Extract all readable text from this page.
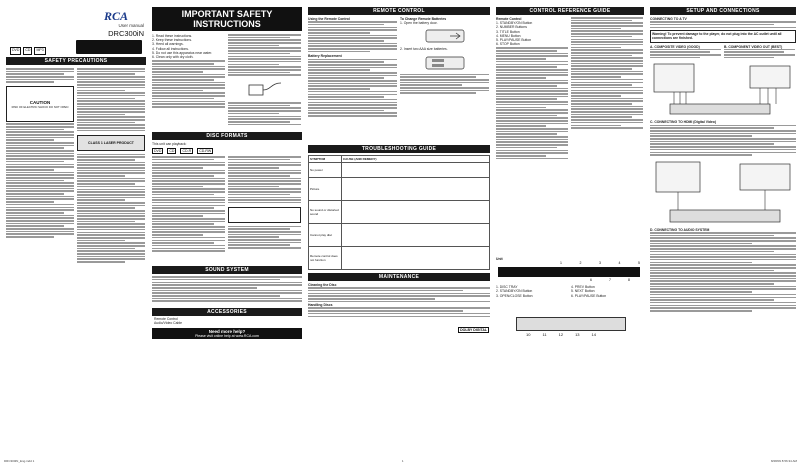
RCA
User manual
DRC300iN
DVD	CD	MP3
SAFETY PRECAUTIONS
CAUTION
RISK OF ELECTRIC SHOCK DO NOT OPEN
CLASS 1 LASER PRODUCT
IMPORTANT SAFETY
INSTRUCTIONS
1. Read these instructions.
2. Keep these instructions.
3. Heed all warnings.
4. Follow all instructions.
5. Do not use this apparatus near water.
6. Clean only with dry cloth.
DISC FORMATS
This unit can playback:
DVD	CD	CD-R	CD-RW
SOUND SYSTEM
ACCESSORIES
Remote Control
Audio/Video Cable
Need more help?
Please visit online help at www.RCA.com
REMOTE CONTROL
Using the Remote Control
Battery Replacement
To Change Remote Batteries
1. Open the battery door.
2. Insert two AAA size batteries.
TROUBLESHOOTING GUIDE
SYMPTOM	CAUSE (AND REMEDY)
No power	
Picture	
No sound or distorted sound	
Cannot play disc	
Remote control does not function	
MAINTENANCE
Cleaning the Disc
Handling Discs
DOLBY DIGITAL
CONTROL REFERENCE GUIDE
Remote Control
1. STANDBY/ON Button
2. NUMBER Buttons
3. TITLE Button
4. MENU Button
5. PLAY/PAUSE Button
6. STOP Button
Unit
1	2	3	4	5
6	7	8
1. DISC TRAY
2. STANDBY/ON Button
3. OPEN/CLOSE Button
4. PREV Button
5. NEXT Button
6. PLAY/PAUSE Button
10	11	12	13	14
SETUP AND CONNECTIONS
CONNECTING TO A TV
Warning! To prevent damage to the player, do not plug into the AC outlet until all connections are finished.
A. COMPOSITE VIDEO (GOOD)	B. COMPONENT VIDEO OUT (BEST)
C. CONNECTING TO HDMI (Digital Video)
D. CONNECTING TO AUDIO SYSTEM
DRC300iN_Eng.indd 1	1	8/28/09 8:56:34 AM
